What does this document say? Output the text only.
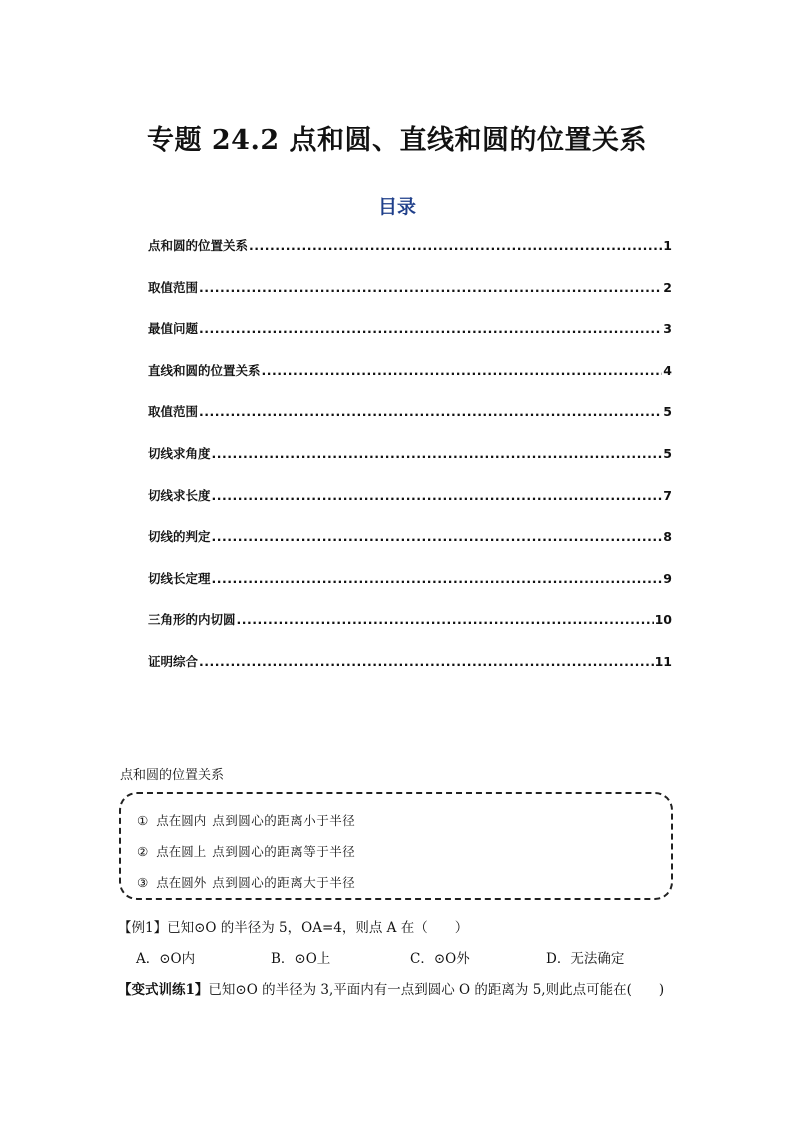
专题 24.2 点和圆、直线和圆的位置关系
目录
点和圆的位置关系 .....	1
取值范围 .....	2
最值问题 .....	3
直线和圆的位置关系 .....	4
取值范围 .....	5
切线求角度 .....	5
切线求长度 .....	7
切线的判定 .....	8
切线长定理 .....	9
三角形的内切圆 .....	10
证明综合 .....	11
点和圆的位置关系
① 点在圆内 点到圆心的距离小于半径
② 点在圆上 点到圆心的距离等于半径
③ 点在圆外 点到圆心的距离大于半径
【例1】已知⊙O 的半径为 5，OA=4，则点 A 在（　　）
A．⊙O内	B．⊙O上	C．⊙O外	D．无法确定
【变式训练1】已知⊙O 的半径为 3,平面内有一点到圆心 O 的距离为 5,则此点可能在(　　)
